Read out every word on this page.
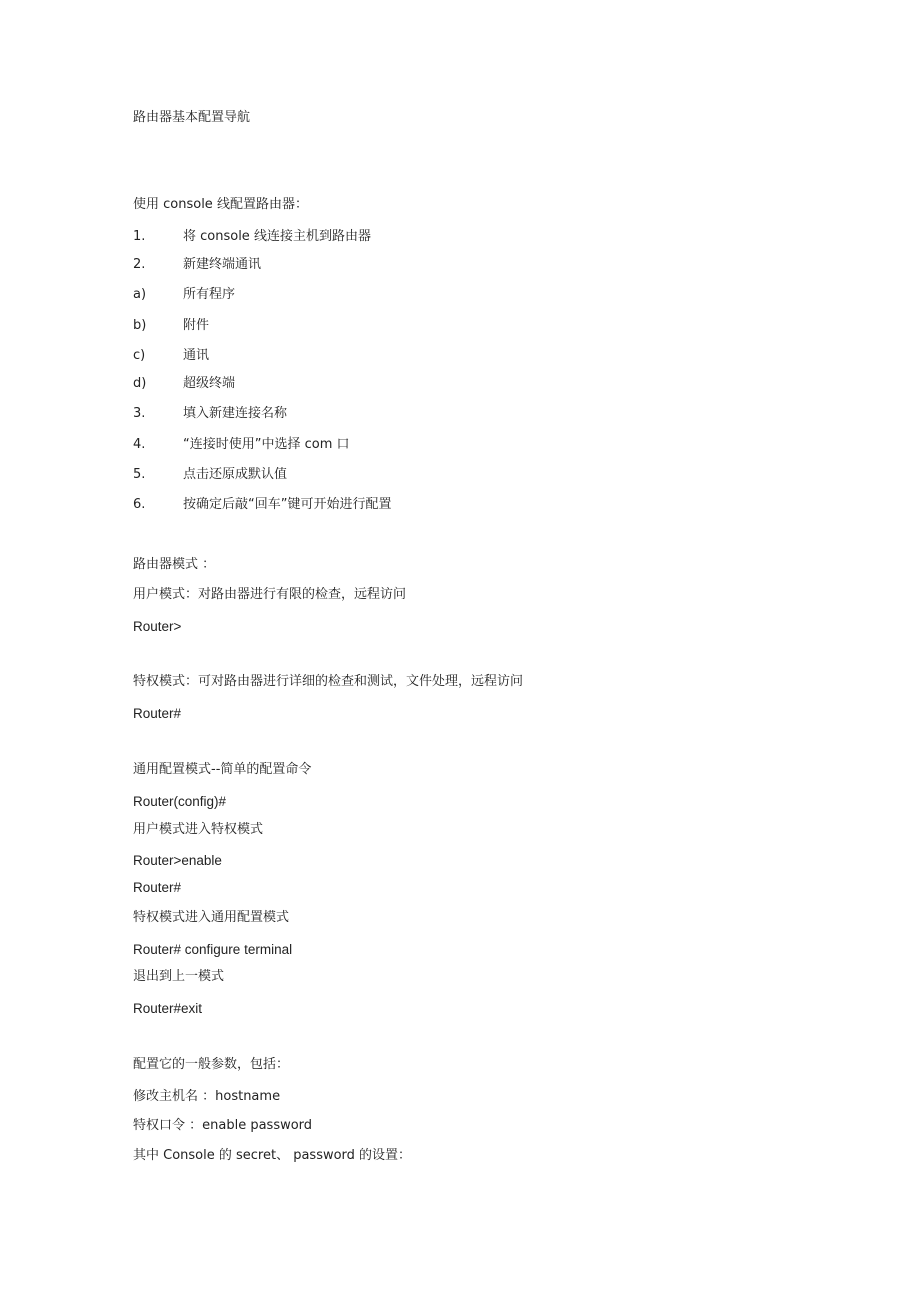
路由器基本配置导航
使用 console 线配置路由器：
1.	将 console 线连接主机到路由器
2.	新建终端通讯
a)	所有程序
b)	附件
c)	通讯
d)	超级终端
3.	填入新建连接名称
4.	“连接时使用”中选择 com 口
5.	点击还原成默认值
6.	按确定后敲“回车”键可开始进行配置
路由器模式 ：
用户模式：对路由器进行有限的检查，远程访问
Router>
特权模式：可对路由器进行详细的检查和测试，文件处理，远程访问
Router#
通用配置模式--简单的配置命令
Router(config)#
用户模式进入特权模式
Router>enable
Router#
特权模式进入通用配置模式
Router# configure terminal
退出到上一模式
Router#exit
配置它的一般参数，包括：
修改主机名 ：hostname
特权口令 ：enable password
其中 Console 的 secret、 password 的设置：
